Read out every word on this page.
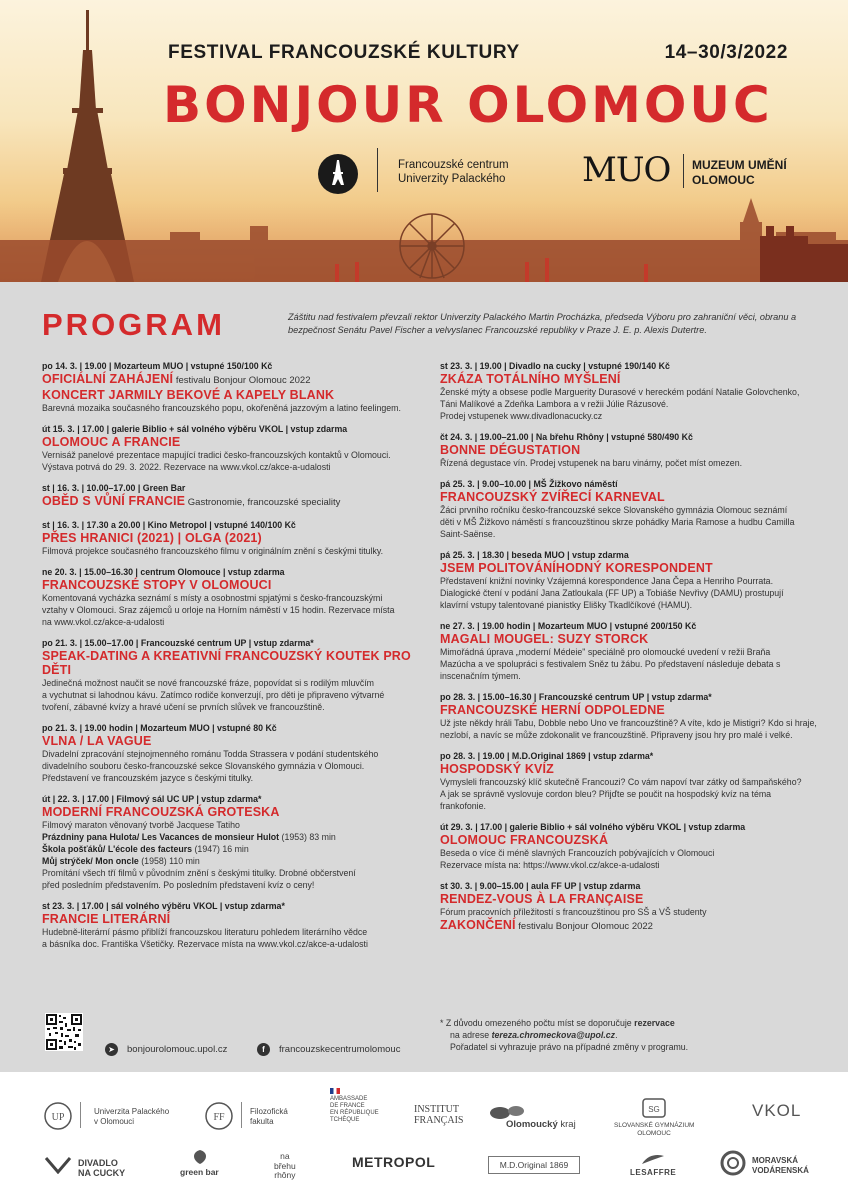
FESTIVAL FRANCOUZSKÉ KULTURY	14–30/3/2022
BONJOUR OLOMOUC
Francouzské centrum
Univerzity Palackého MUO MUZEUM UMĚNÍ
OLOMOUC
PROGRAM	Záštitu nad festivalem převzali rektor Univerzity Palackého Martin Procházka, předseda Výboru pro zahraniční věci, obranu a bezpečnost Senátu Pavel Fischer a velvyslanec Francouzské republiky v Praze J. E. p. Alexis Dutertre.
po 14. 3. | 19.00 | Mozarteum MUO | vstupné 150/100 Kč
OFICIÁLNÍ ZAHÁJENÍ festivalu Bonjour Olomouc 2022
KONCERT JARMILY BEKOVÉ A KAPELY BLANK
Barevná mozaika současného francouzského popu, okořeněná jazzovým a latino feelingem.
út 15. 3. | 17.00 | galerie Biblio + sál volného výběru VKOL | vstup zdarma
OLOMOUC A FRANCIE
Vernisáž panelové prezentace mapující tradici česko-francouzských kontaktů v Olomouci.
Výstava potrvá do 29. 3. 2022. Rezervace na www.vkol.cz/akce-a-udalosti
st | 16. 3. | 10.00–17.00 | Green Bar
OBĚD S VŮNÍ FRANCIE Gastronomie, francouzské speciality
st | 16. 3. | 17.30 a 20.00 | Kino Metropol | vstupné 140/100 Kč
PŘES HRANICI (2021) | OLGA (2021)
Filmová projekce současného francouzského filmu v originálním znění s českými titulky.
ne 20. 3. | 15.00–16.30 | centrum Olomouce | vstup zdarma
FRANCOUZSKÉ STOPY V OLOMOUCI
Komentovaná vycházka seznámí s místy a osobnostmi spjatými s česko-francouzskými
vztahy v Olomouci. Sraz zájemců u orloje na Horním náměstí v 15 hodin. Rezervace místa
na www.vkol.cz/akce-a-udalosti
po 21. 3. | 15.00–17.00 | Francouzské centrum UP | vstup zdarma*
SPEAK-DATING A KREATIVNÍ FRANCOUZSKÝ KOUTEK PRO DĚTI
Jedinečná možnost naučit se nové francouzské fráze, popovídat si s rodilým mluvčím
a vychutnat si lahodnou kávu. Zatímco rodiče konverzují, pro děti je připraveno výtvarné
tvoření, zábavné kvízy a hravé učení se prvních slůvek ve francouzštině.
po 21. 3. | 19.00 hodin | Mozarteum MUO | vstupné 80 Kč
VLNA / LA VAGUE
Divadelní zpracování stejnojmenného románu Todda Strassera v podání studentského
divadelního souboru česko-francouzské sekce Slovanského gymnázia v Olomouci.
Představení ve francouzském jazyce s českými titulky.
út | 22. 3. | 17.00 | Filmový sál UC UP | vstup zdarma*
MODERNÍ FRANCOUZSKÁ GROTESKA
Filmový maraton věnovaný tvorbě Jacquese Tatiho
Prázdniny pana Hulota/ Les Vacances de monsieur Hulot (1953) 83 min
Škola pošťáků/ L'école des facteurs (1947) 16 min
Můj strýček/ Mon oncle (1958) 110 min
Promítání všech tří filmů v původním znění s českými titulky. Drobné občerstvení
před posledním představením. Po posledním představení kvíz o ceny!
st 23. 3. | 17.00 | sál volného výběru VKOL | vstup zdarma*
FRANCIE LITERÁRNÍ
Hudebně-literární pásmo přiblíží francouzskou literaturu pohledem literárního vědce
a básníka doc. Františka Všetičky. Rezervace místa na www.vkol.cz/akce-a-udalosti
st 23. 3. | 19.00 | Divadlo na cucky | vstupné 190/140 Kč
ZKÁZA TOTÁLNÍHO MYŠLENÍ
Ženské mýty a obsese podle Marguerity Durasové v hereckém podání Natalie Golovchenko,
Táni Malíkové a Zdeňka Lambora a v režii Júlie Rázusové.
Prodej vstupenek www.divadlonacucky.cz
čt 24. 3. | 19.00–21.00 | Na břehu Rhôny | vstupné 580/490 Kč
BONNE DÉGUSTATION
Řízená degustace vín. Prodej vstupenek na baru vinárny, počet míst omezen.
pá 25. 3. | 9.00–10.00 | MŠ Žižkovo náměstí
FRANCOUZSKÝ ZVÍŘECÍ KARNEVAL
Žáci prvního ročníku česko-francouzské sekce Slovanského gymnázia Olomouc seznámí
děti v MŠ Žižkovo náměstí s francouzštinou skrze pohádky Maria Ramose a hudbu Camilla
Saint-Saënse.
pá 25. 3. | 18.30 | beseda MUO | vstup zdarma
JSEM POLITOVÁNÍHODNÝ KORESPONDENT
Představení knižní novinky Vzájemná korespondence Jana Čepa a Henriho Pourrata.
Dialogické čtení v podání Jana Zatloukala (FF UP) a Tobiáše Nevřivy (DAMU) prostupují
klavírní vstupy talentované pianistky Elišky Tkadlčíkové (HAMU).
ne 27. 3. | 19.00 hodin | Mozarteum MUO | vstupné 200/150 Kč
MAGALI MOUGEL: SUZY STORCK
Mimořádná úprava „moderní Médeie" speciálně pro olomoucké uvedení v režii Braňa
Mazúcha a ve spolupráci s festivalem Sněz tu žábu. Po představení následuje debata s
inscenačním týmem.
po 28. 3. | 15.00–16.30 | Francouzské centrum UP | vstup zdarma*
FRANCOUZSKÉ HERNÍ ODPOLEDNE
Už jste někdy hráli Tabu, Dobble nebo Uno ve francouzštině? A víte, kdo je Mistigri? Kdo si hraje,
nezlobí, a navíc se může zdokonalit ve francouzštině. Připraveny jsou hry pro malé i velké.
po 28. 3. | 19.00 | M.D.Original 1869 | vstup zdarma*
HOSPODSKÝ KVÍZ
Vymysleli francouzský klíč skutečně Francouzi? Co vám napoví tvar zátky od šampaňského?
A jak se správně vyslovuje cordon bleu? Přijďte se poučit na hospodský kvíz na téma
frankofonie.
út 29. 3. | 17.00 | galerie Biblio + sál volného výběru VKOL | vstup zdarma
OLOMOUC FRANCOUZSKÁ
Beseda o více či méně slavných Francouzích pobývajících v Olomouci
Rezervace místa na: https://www.vkol.cz/akce-a-udalosti
st 30. 3. | 9.00–15.00 | aula FF UP | vstup zdarma
RENDEZ-VOUS À LA FRANÇAISE
Fórum pracovních příležitostí s francouzštinou pro SŠ a VŠ studenty
ZAKONČENÍ festivalu Bonjour Olomouc 2022
* Z důvodu omezeného počtu míst se doporučuje rezervace
na adrese tereza.chromeckova@upol.cz.
Pořadatel si vyhrazuje právo na případné změny v programu.
➤	bonjourolomouc.upol.cz	f	francouzskecentrumolomouc
UP
Univerzita Palackého
v Olomouci	FF
Filozofická
fakulta
AMBASSADE
DE FRANCE
EN RÉPUBLIQUE
TCHÈQUE
INSTITUT
FRANÇAIS	Olomoucký kraj
SG
SLOVANSKÉ GYMNÁZIUM
OLOMOUC
VKOL
DIVADLO
NA CUCKY	green bar
na
břehu
rhôny
METROPOL	M.D.Original 1869
LESAFFRE
MORAVSKÁ
VODÁRENSKÁ
